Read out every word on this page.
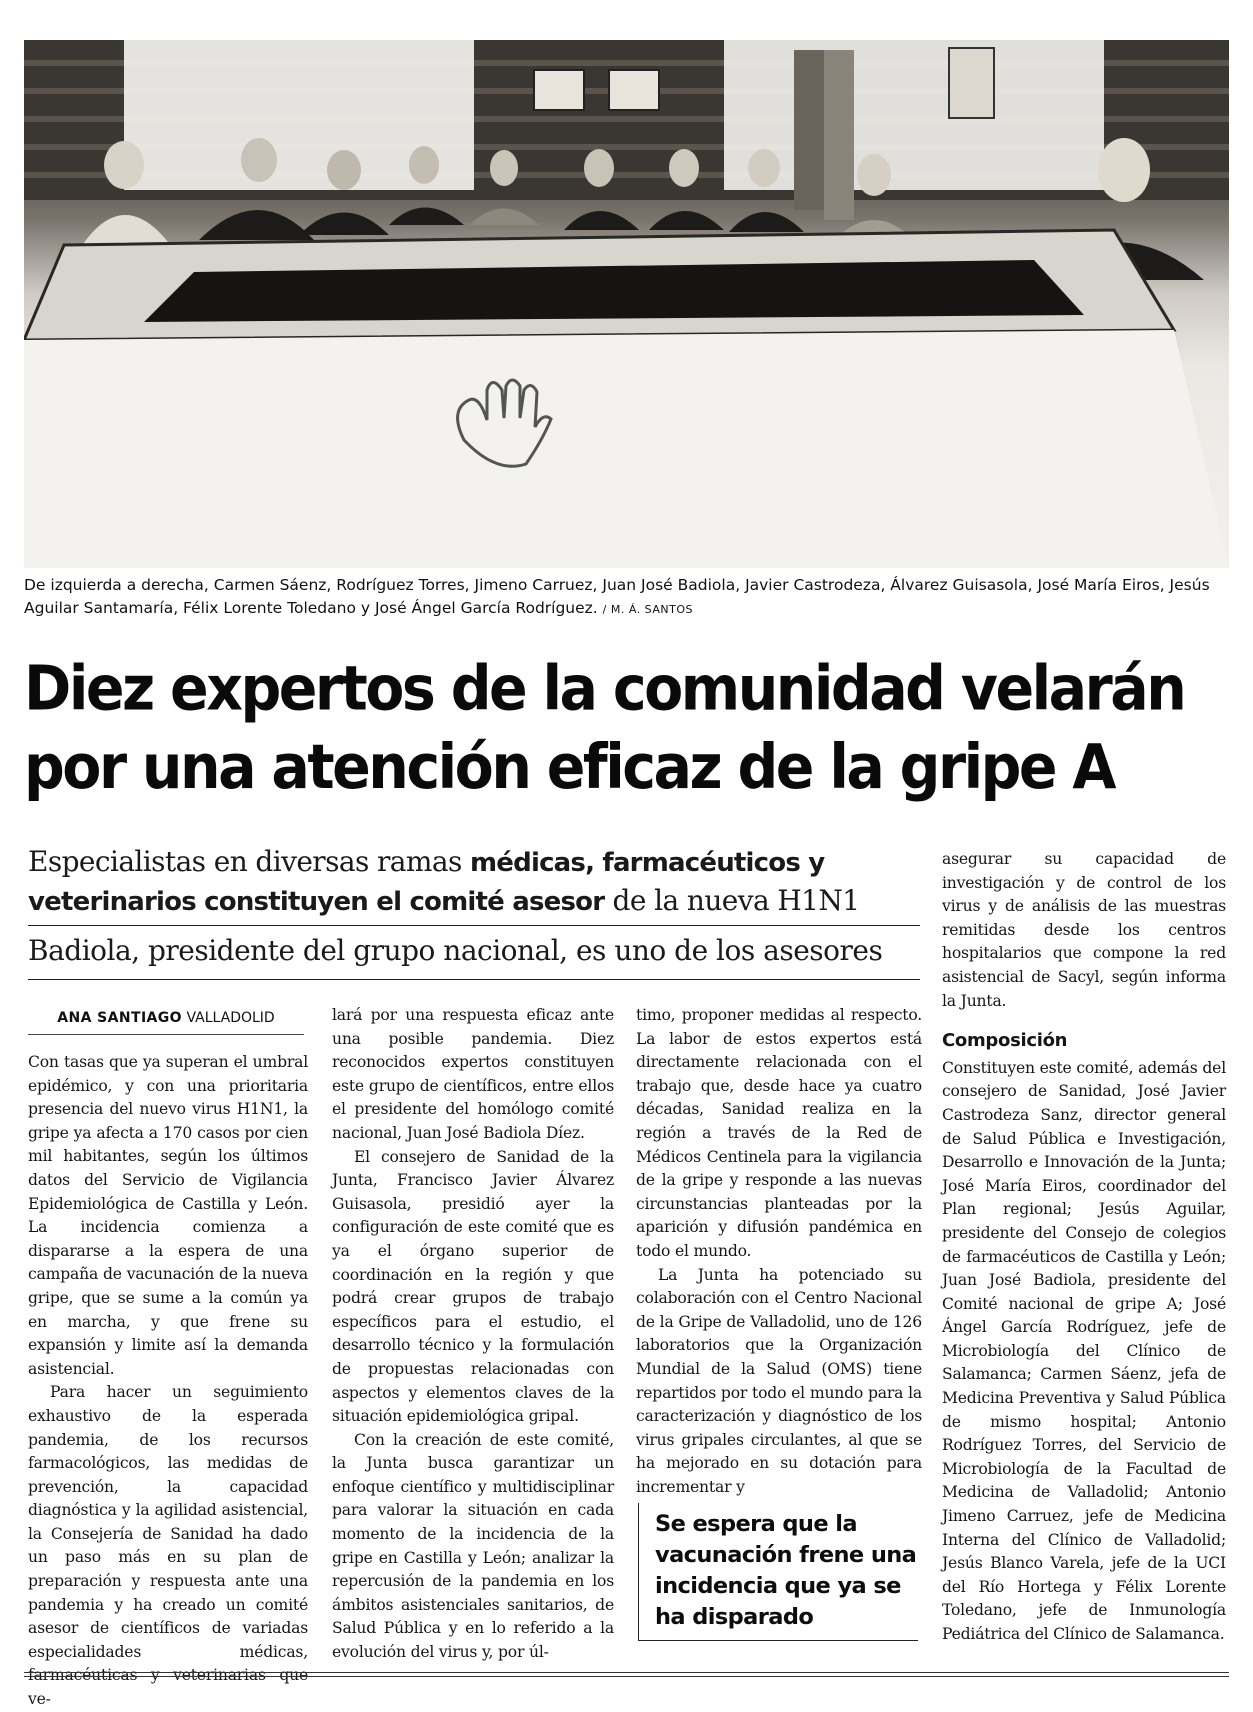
De izquierda a derecha, Carmen Sáenz, Rodríguez Torres, Jimeno Carruez, Juan José Badiola, Javier Castrodeza, Álvarez Guisasola, José María Eiros, Jesús Aguilar Santamaría, Félix Lorente Toledano y José Ángel García Rodríguez. / M. Á. SANTOS
Diez expertos de la comunidad velarán
por una atención eficaz de la gripe A
Especialistas en diversas ramas médicas, farmacéuticos y veterinarios constituyen el comité asesor de la nueva H1N1
Badiola, presidente del grupo nacional, es uno de los asesores
ANA SANTIAGO VALLADOLID

Con tasas que ya superan el umbral epidémico, y con una prioritaria presencia del nuevo virus H1N1, la gripe ya afecta a 170 casos por cien mil habitantes, según los últimos datos del Servicio de Vigilancia Epidemiológica de Castilla y León. La incidencia comienza a dispararse a la espera de una campaña de vacunación de la nueva gripe, que se sume a la común ya en marcha, y que frene su expansión y limite así la demanda asistencial.

Para hacer un seguimiento exhaustivo de la esperada pandemia, de los recursos farmacológicos, las medidas de prevención, la capacidad diagnóstica y la agilidad asistencial, la Consejería de Sanidad ha dado un paso más en su plan de preparación y respuesta ante una pandemia y ha creado un comité asesor de científicos de variadas especialidades médicas, farmacéuticas y veterinarias que ve-

lará por una respuesta eficaz ante una posible pandemia. Diez reconocidos expertos constituyen este grupo de científicos, entre ellos el presidente del homólogo comité nacional, Juan José Badiola Díez.

El consejero de Sanidad de la Junta, Francisco Javier Álvarez Guisasola, presidió ayer la configuración de este comité que es ya el órgano superior de coordinación en la región y que podrá crear grupos de trabajo específicos para el estudio, el desarrollo técnico y la formulación de propuestas relacionadas con aspectos y elementos claves de la situación epidemiológica gripal.

Con la creación de este comité, la Junta busca garantizar un enfoque científico y multidisciplinar para valorar la situación en cada momento de la incidencia de la gripe en Castilla y León; analizar la repercusión de la pandemia en los ámbitos asistenciales sanitarios, de Salud Pública y en lo referido a la evolución del virus y, por úl-

timo, proponer medidas al respecto. La labor de estos expertos está directamente relacionada con el trabajo que, desde hace ya cuatro décadas, Sanidad realiza en la región a través de la Red de Médicos Centinela para la vigilancia de la gripe y responde a las nuevas circunstancias planteadas por la aparición y difusión pandémica en todo el mundo.

La Junta ha potenciado su colaboración con el Centro Nacional de la Gripe de Valladolid, uno de 126 laboratorios que la Organización Mundial de la Salud (OMS) tiene repartidos por todo el mundo para la caracterización y diagnóstico de los virus gripales circulantes, al que se ha mejorado en su dotación para incrementar y

Se espera que la vacunación frene una incidencia que ya se ha disparado

asegurar su capacidad de investigación y de control de los virus y de análisis de las muestras remitidas desde los centros hospitalarios que compone la red asistencial de Sacyl, según informa la Junta.

Composición

Constituyen este comité, además del consejero de Sanidad, José Javier Castrodeza Sanz, director general de Salud Pública e Investigación, Desarrollo e Innovación de la Junta; José María Eiros, coordinador del Plan regional; Jesús Aguilar, presidente del Consejo de colegios de farmacéuticos de Castilla y León; Juan José Badiola, presidente del Comité nacional de gripe A; José Ángel García Rodríguez, jefe de Microbiología del Clínico de Salamanca; Carmen Sáenz, jefa de Medicina Preventiva y Salud Pública de mismo hospital; Antonio Rodríguez Torres, del Servicio de Microbiología de la Facultad de Medicina de Valladolid; Antonio Jimeno Carruez, jefe de Medicina Interna del Clínico de Valladolid; Jesús Blanco Varela, jefe de la UCI del Río Hortega y Félix Lorente Toledano, jefe de Inmunología Pediátrica del Clínico de Salamanca.
